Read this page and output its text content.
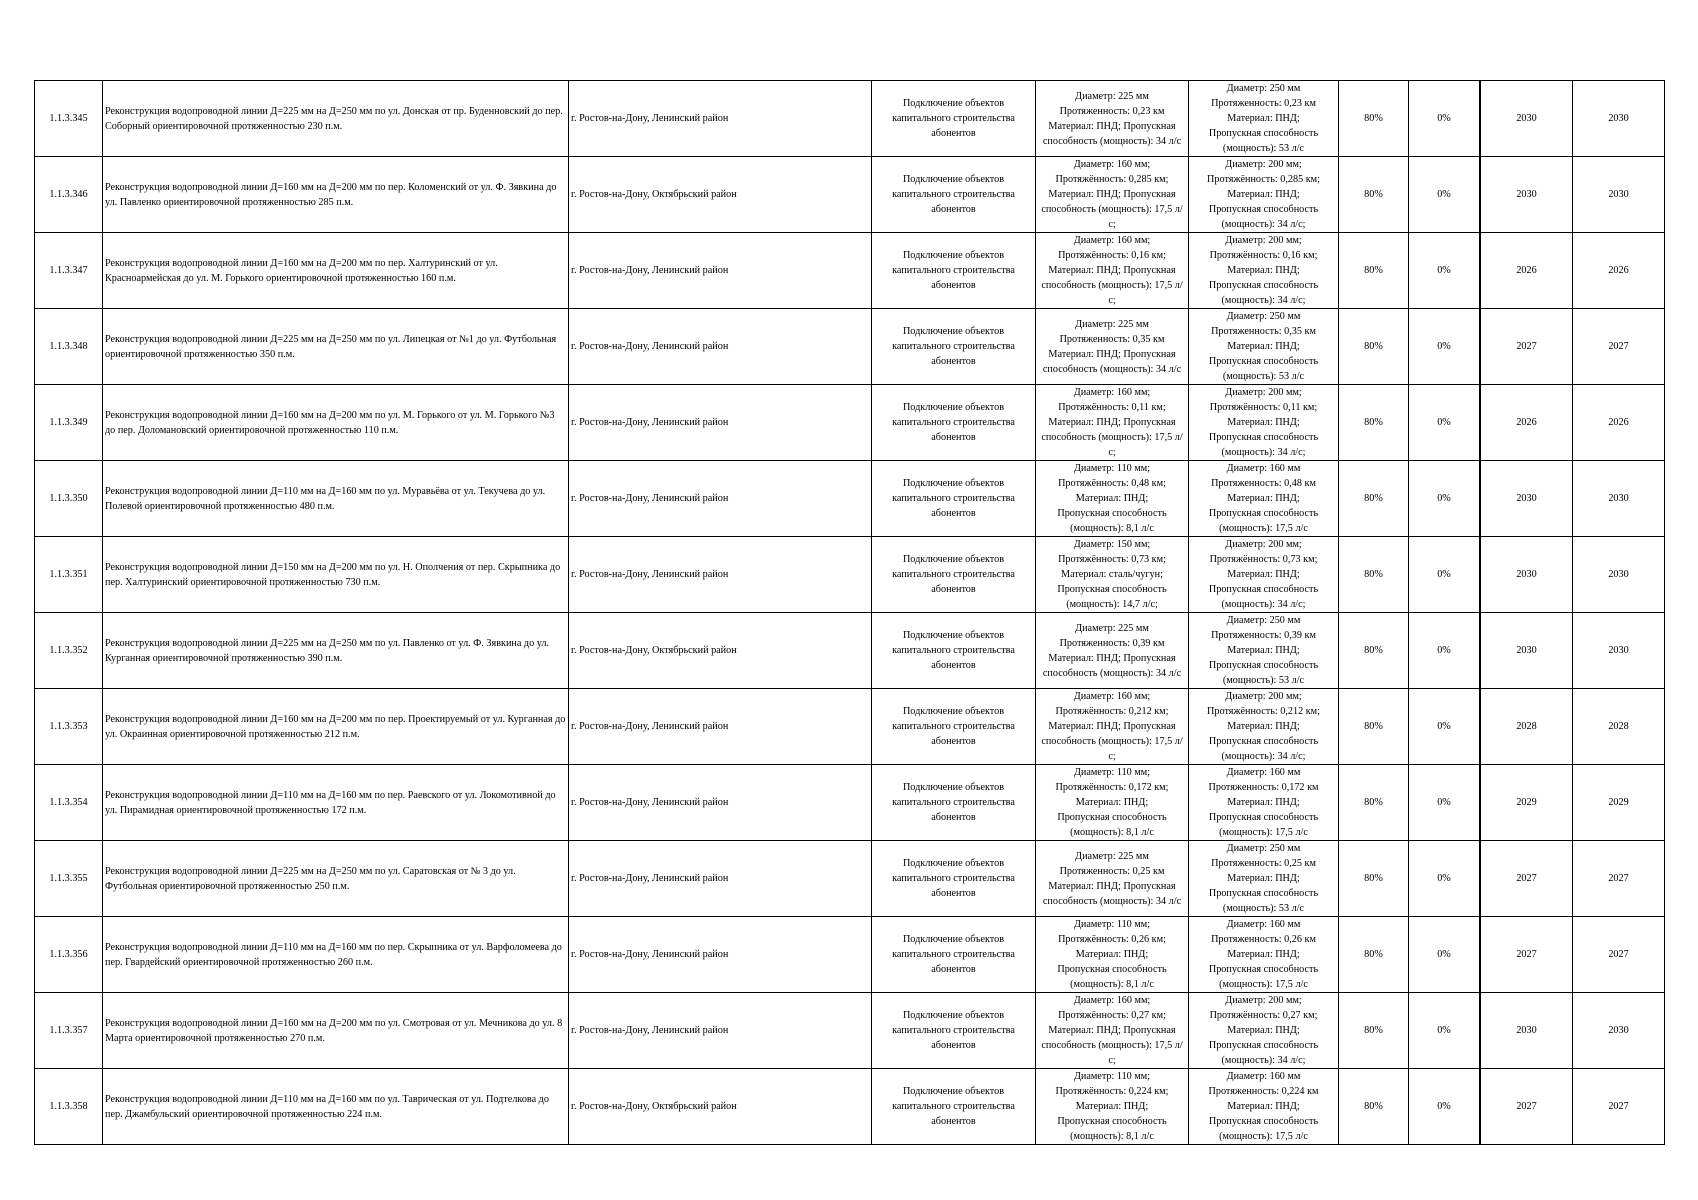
1.1.3.345	Реконструкция водопроводной линии Д=225 мм на Д=250 мм по ул. Донская от пр. Буденновский до пер. Соборный ориентировочной протяженностью 230 п.м.	г. Ростов-на-Дону, Ленинский район	Подключение объектов капитального строительства абонентов	Диаметр: 225 мм
Протяженность: 0,23 км
Материал: ПНД; Пропускная способность (мощность): 34 л/с	Диаметр: 250 мм
Протяженность: 0,23 км
Материал: ПНД;
Пропускная способность (мощность): 53 л/с	80%	0%		2030	2030
1.1.3.346	Реконструкция водопроводной линии Д=160 мм на Д=200 мм по пер. Коломенский от ул. Ф. Зявкина до ул. Павленко ориентировочной протяженностью 285 п.м.	г. Ростов-на-Дону, Октябрьский район	Подключение объектов капитального строительства абонентов	Диаметр: 160 мм;
Протяжённость: 0,285 км;
Материал: ПНД; Пропускная способность (мощность): 17,5 л/с;	Диаметр: 200 мм;
Протяжённость: 0,285 км;
Материал: ПНД;
Пропускная способность (мощность): 34 л/с;	80%	0%		2030	2030
1.1.3.347	Реконструкция водопроводной линии Д=160 мм на Д=200 мм по пер. Халтуринский от ул. Красноармейская до ул. М. Горького ориентировочной протяженностью 160 п.м.	г. Ростов-на-Дону, Ленинский район	Подключение объектов капитального строительства абонентов	Диаметр: 160 мм;
Протяжённость: 0,16 км;
Материал: ПНД; Пропускная способность (мощность): 17,5 л/с;	Диаметр: 200 мм;
Протяжённость: 0,16 км;
Материал: ПНД;
Пропускная способность (мощность): 34 л/с;	80%	0%		2026	2026
1.1.3.348	Реконструкция водопроводной линии Д=225 мм на Д=250 мм по ул. Липецкая от №1 до ул. Футбольная ориентировочной протяженностью 350 п.м.	г. Ростов-на-Дону, Ленинский район	Подключение объектов капитального строительства абонентов	Диаметр: 225 мм
Протяженность: 0,35 км
Материал: ПНД; Пропускная способность (мощность): 34 л/с	Диаметр: 250 мм
Протяженность: 0,35 км
Материал: ПНД;
Пропускная способность (мощность): 53 л/с	80%	0%		2027	2027
1.1.3.349	Реконструкция водопроводной линии Д=160 мм на Д=200 мм по ул. М. Горького от ул. М. Горького №3 до пер. Доломановский ориентировочной протяженностью 110 п.м.	г. Ростов-на-Дону, Ленинский район	Подключение объектов капитального строительства абонентов	Диаметр: 160 мм;
Протяжённость: 0,11 км;
Материал: ПНД; Пропускная способность (мощность): 17,5 л/с;	Диаметр: 200 мм;
Протяжённость: 0,11 км;
Материал: ПНД;
Пропускная способность (мощность): 34 л/с;	80%	0%		2026	2026
1.1.3.350	Реконструкция водопроводной линии Д=110 мм на Д=160 мм по ул. Муравьёва от ул. Текучева до ул. Полевой ориентировочной протяженностью 480 п.м.	г. Ростов-на-Дону, Ленинский район	Подключение объектов капитального строительства абонентов	Диаметр: 110 мм;
Протяжённость: 0,48 км;
Материал: ПНД;
Пропускная способность (мощность): 8,1 л/с	Диаметр: 160 мм
Протяженность: 0,48 км
Материал: ПНД;
Пропускная способность (мощность): 17,5 л/с	80%	0%		2030	2030
1.1.3.351	Реконструкция водопроводной линии Д=150 мм на Д=200 мм по ул. Н. Ополчения от пер. Скрыпника до пер. Халтуринский ориентировочной протяженностью 730 п.м.	г. Ростов-на-Дону, Ленинский район	Подключение объектов капитального строительства абонентов	Диаметр: 150 мм;
Протяжённость: 0,73 км;
Материал: сталь/чугун;
Пропускная способность (мощность): 14,7 л/с;	Диаметр: 200 мм;
Протяжённость: 0,73 км;
Материал: ПНД;
Пропускная способность (мощность): 34 л/с;	80%	0%		2030	2030
1.1.3.352	Реконструкция водопроводной линии Д=225 мм на Д=250 мм по ул. Павленко от ул. Ф. Зявкина до ул. Курганная ориентировочной протяженностью 390 п.м.	г. Ростов-на-Дону, Октябрьский район	Подключение объектов капитального строительства абонентов	Диаметр: 225 мм
Протяженность: 0,39 км
Материал: ПНД; Пропускная способность (мощность): 34 л/с	Диаметр: 250 мм
Протяженность: 0,39 км
Материал: ПНД;
Пропускная способность (мощность): 53 л/с	80%	0%		2030	2030
1.1.3.353	Реконструкция водопроводной линии Д=160 мм на Д=200 мм по пер. Проектируемый от ул. Курганная до ул. Окраинная ориентировочной протяженностью 212 п.м.	г. Ростов-на-Дону, Ленинский район	Подключение объектов капитального строительства абонентов	Диаметр: 160 мм;
Протяжённость: 0,212 км;
Материал: ПНД; Пропускная способность (мощность): 17,5 л/с;	Диаметр: 200 мм;
Протяжённость: 0,212 км;
Материал: ПНД;
Пропускная способность (мощность): 34 л/с;	80%	0%		2028	2028
1.1.3.354	Реконструкция водопроводной линии Д=110 мм на Д=160 мм по пер. Раевского от ул. Локомотивной до ул. Пирамидная ориентировочной протяженностью 172 п.м.	г. Ростов-на-Дону, Ленинский район	Подключение объектов капитального строительства абонентов	Диаметр: 110 мм;
Протяжённость: 0,172 км;
Материал: ПНД;
Пропускная способность (мощность): 8,1 л/с	Диаметр: 160 мм
Протяженность: 0,172 км
Материал: ПНД;
Пропускная способность (мощность): 17,5 л/с	80%	0%		2029	2029
1.1.3.355	Реконструкция водопроводной линии Д=225 мм на Д=250 мм по ул. Саратовская от № 3 до ул. Футбольная ориентировочной протяженностью 250 п.м.	г. Ростов-на-Дону, Ленинский район	Подключение объектов капитального строительства абонентов	Диаметр: 225 мм
Протяженность: 0,25 км
Материал: ПНД; Пропускная способность (мощность): 34 л/с	Диаметр: 250 мм
Протяженность: 0,25 км
Материал: ПНД;
Пропускная способность (мощность): 53 л/с	80%	0%		2027	2027
1.1.3.356	Реконструкция водопроводной линии Д=110 мм на Д=160 мм по пер. Скрыпника от ул. Варфоломеева до пер. Гвардейский ориентировочной протяженностью 260 п.м.	г. Ростов-на-Дону, Ленинский район	Подключение объектов капитального строительства абонентов	Диаметр: 110 мм;
Протяжённость: 0,26 км;
Материал: ПНД;
Пропускная способность (мощность): 8,1 л/с	Диаметр: 160 мм
Протяженность: 0,26 км
Материал: ПНД;
Пропускная способность (мощность): 17,5 л/с	80%	0%		2027	2027
1.1.3.357	Реконструкция водопроводной линии Д=160 мм на Д=200 мм по ул. Смотровая от ул. Мечникова до ул. 8 Марта ориентировочной протяженностью 270 п.м.	г. Ростов-на-Дону, Ленинский район	Подключение объектов капитального строительства абонентов	Диаметр: 160 мм;
Протяжённость: 0,27 км;
Материал: ПНД; Пропускная способность (мощность): 17,5 л/с;	Диаметр: 200 мм;
Протяжённость: 0,27 км;
Материал: ПНД;
Пропускная способность (мощность): 34 л/с;	80%	0%		2030	2030
1.1.3.358	Реконструкция водопроводной линии Д=110 мм на Д=160 мм по ул. Таврическая от ул. Подтелкова до пер. Джамбульский ориентировочной протяженностью 224 п.м.	г. Ростов-на-Дону, Октябрьский район	Подключение объектов капитального строительства абонентов	Диаметр: 110 мм;
Протяжённость: 0,224 км;
Материал: ПНД;
Пропускная способность (мощность): 8,1 л/с	Диаметр: 160 мм
Протяженность: 0,224 км
Материал: ПНД;
Пропускная способность (мощность): 17,5 л/с	80%	0%		2027	2027
